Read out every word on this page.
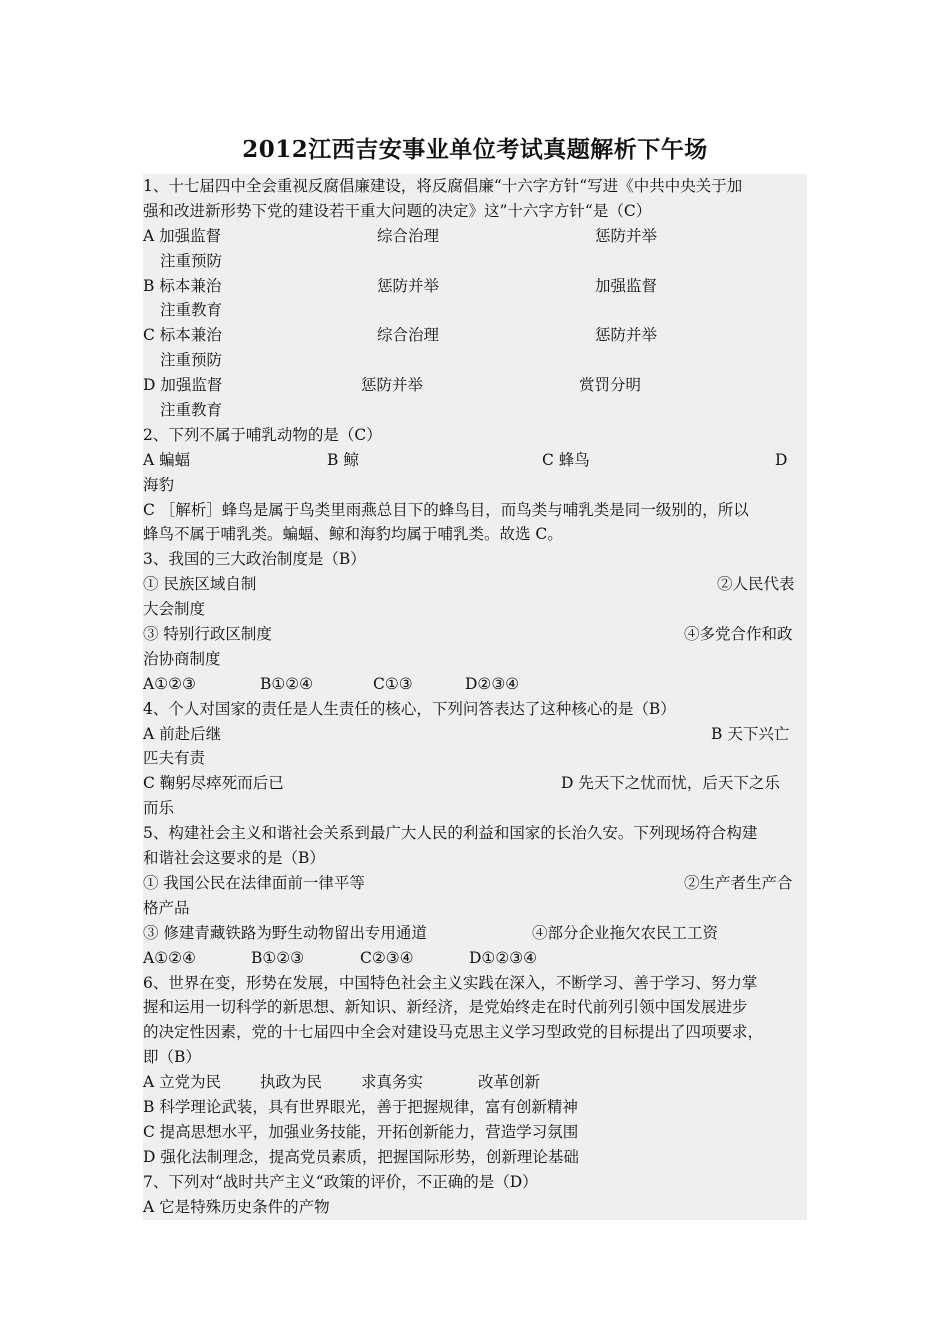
2012江西吉安事业单位考试真题解析下午场
1、十七届四中全会重视反腐倡廉建设，将反腐倡廉“十六字方针“写进《中共中央关于加
强和改进新形势下党的建设若干重大问题的决定》这”十六字方针“是（C）
A 加强监督	综合治理	惩防并举
注重预防
B 标本兼治	惩防并举	加强监督
注重教育
C 标本兼治	综合治理	惩防并举
注重预防
D 加强监督	惩防并举	赏罚分明
注重教育
2、下列不属于哺乳动物的是（C）
A 蝙蝠	B 鲸	C 蜂鸟	D
海豹
C ［解析］蜂鸟是属于鸟类里雨燕总目下的蜂鸟目，而鸟类与哺乳类是同一级别的，所以
蜂鸟不属于哺乳类。蝙蝠、鲸和海豹均属于哺乳类。故选 C。
3、我国的三大政治制度是（B）
① 民族区域自制	②人民代表
大会制度
③ 特别行政区制度	④多党合作和政
治协商制度
A①②③	B①②④	C①③	D②③④
4、个人对国家的责任是人生责任的核心，下列问答表达了这种核心的是（B）
A 前赴后继	B 天下兴亡
匹夫有责
C 鞠躬尽瘁死而后已	D 先天下之忧而忧，后天下之乐
而乐
5、构建社会主义和谐社会关系到最广大人民的利益和国家的长治久安。下列现场符合构建
和谐社会这要求的是（B）
① 我国公民在法律面前一律平等	②生产者生产合
格产品
③ 修建青藏铁路为野生动物留出专用通道	④部分企业拖欠农民工工资
A①②④	B①②③	C②③④	D①②③④
6、世界在变，形势在发展，中国特色社会主义实践在深入，不断学习、善于学习、努力掌
握和运用一切科学的新思想、新知识、新经济，是党始终走在时代前列引领中国发展进步
的决定性因素，党的十七届四中全会对建设马克思主义学习型政党的目标提出了四项要求，
即（B）
A 立党为民	执政为民	求真务实	改革创新
B 科学理论武装，具有世界眼光，善于把握规律，富有创新精神
C 提高思想水平，加强业务技能，开拓创新能力，营造学习氛围
D 强化法制理念，提高党员素质，把握国际形势，创新理论基础
7、下列对“战时共产主义“政策的评价，不正确的是（D）
A 它是特殊历史条件的产物
